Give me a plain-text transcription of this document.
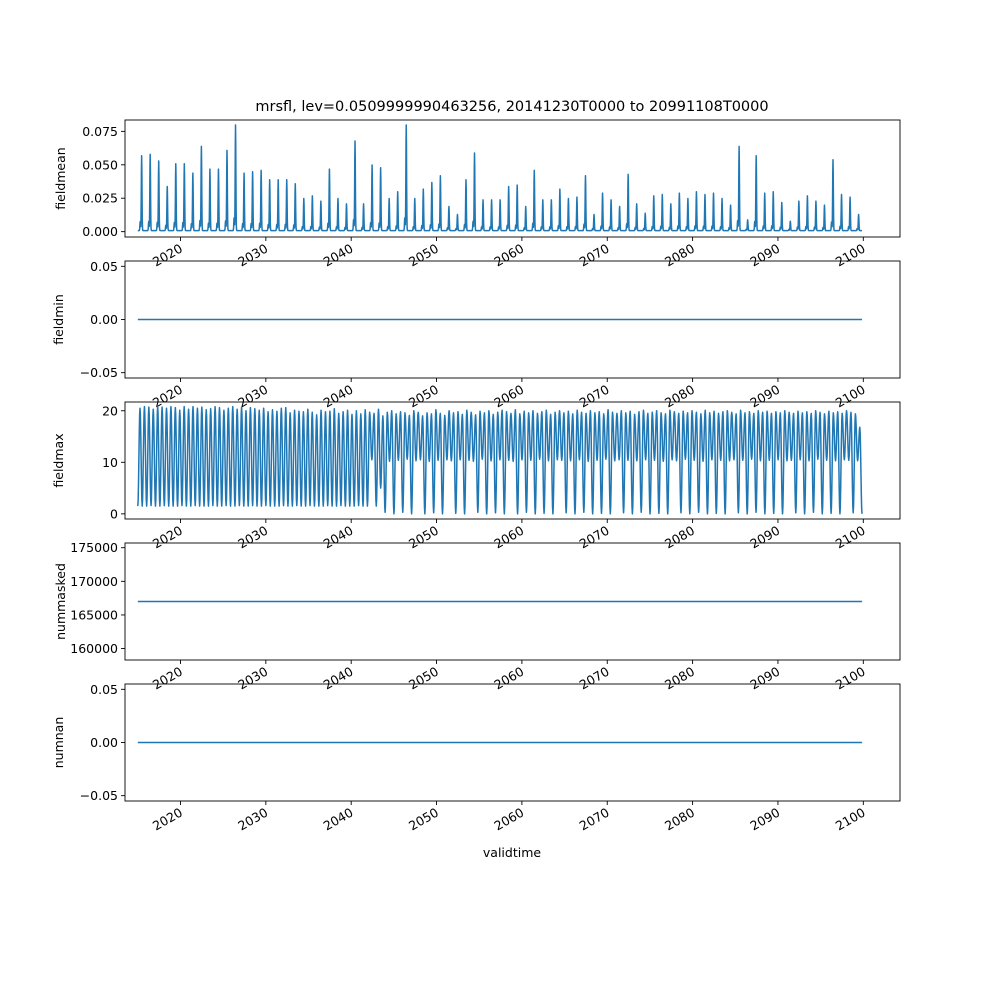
mrsfl, lev=0.0509999990463256, 20141230T0000 to 20991108T0000
validtime
0.000
0.025
0.050
0.075
2020	2030	2040	2050	2060	2070	2080	2090	2100
fieldmean
−0.05
0.00
0.05
2020	2030	2040	2050	2060	2070	2080	2090	2100
fieldmin
0
10
20
2020	2030	2040	2050	2060	2070	2080	2090	2100
fieldmax
160000
165000
170000
175000
2020	2030	2040	2050	2060	2070	2080	2090	2100
nummasked
−0.05
0.00
0.05
2020	2030	2040	2050	2060	2070	2080	2090	2100
numnan
